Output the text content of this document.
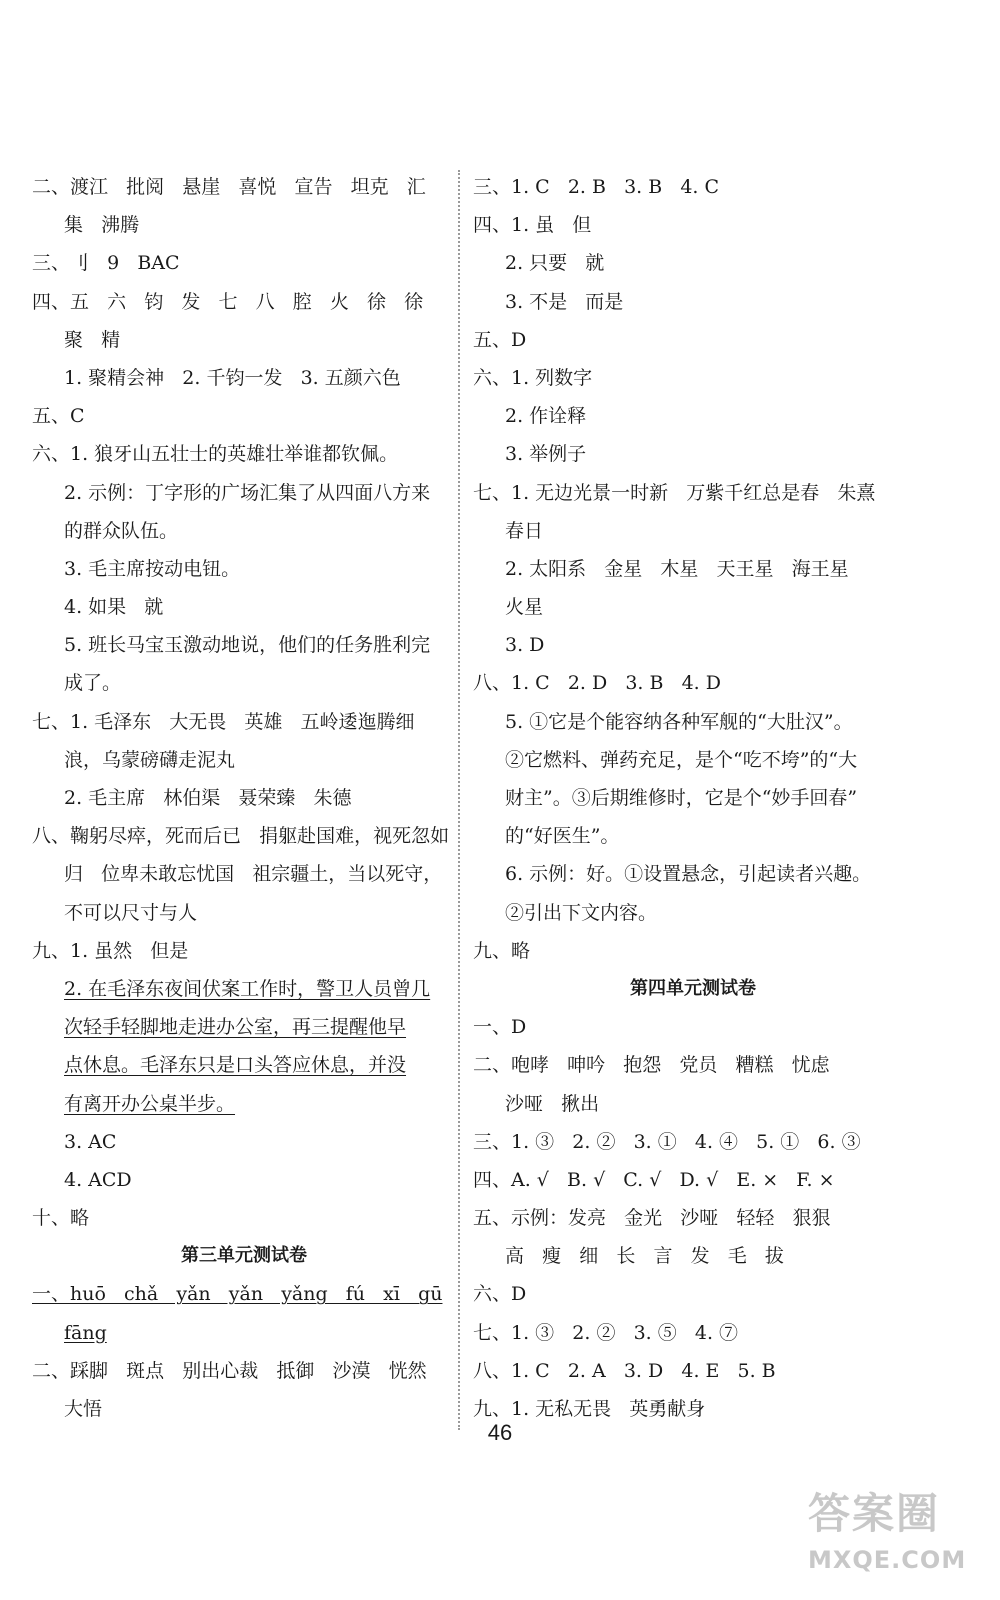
二、渡江   批阅   悬崖   喜悦   宣告   坦克   汇
集   沸腾
三、刂   9   BAC
四、五   六   钧   发   七   八   腔   火   徐   徐
聚   精
1. 聚精会神   2. 千钧一发   3. 五颜六色
五、C
六、1. 狼牙山五壮士的英雄壮举谁都钦佩。
2. 示例：丁字形的广场汇集了从四面八方来
的群众队伍。
3. 毛主席按动电钮。
4. 如果   就
5. 班长马宝玉激动地说，他们的任务胜利完
成了。
七、1. 毛泽东   大无畏   英雄   五岭逶迤腾细
浪，乌蒙磅礴走泥丸
2. 毛主席   林伯渠   聂荣臻   朱德
八、鞠躬尽瘁，死而后已   捐躯赴国难，视死忽如
归   位卑未敢忘忧国   祖宗疆土，当以死守，
不可以尺寸与人
九、1. 虽然   但是
2. 在毛泽东夜间伏案工作时，警卫人员曾几
次轻手轻脚地走进办公室，再三提醒他早
点休息。毛泽东只是口头答应休息，并没
有离开办公桌半步。
3. AC
4. ACD
十、略
第三单元测试卷
一、huō   chǎ   yǎn   yǎn   yǎng   fú   xī   gū
fāng
二、踩脚   斑点   别出心裁   抵御   沙漠   恍然
大悟
三、1. C   2. B   3. B   4. C
四、1. 虽   但
2. 只要   就
3. 不是   而是
五、D
六、1. 列数字
2. 作诠释
3. 举例子
七、1. 无边光景一时新   万紫千红总是春   朱熹
春日
2. 太阳系   金星   木星   天王星   海王星
火星
3. D
八、1. C   2. D   3. B   4. D
5. ①它是个能容纳各种军舰的“大肚汉”。
②它燃料、弹药充足，是个“吃不垮”的“大
财主”。③后期维修时，它是个“妙手回春”
的“好医生”。
6. 示例：好。①设置悬念，引起读者兴趣。
②引出下文内容。
九、略
第四单元测试卷
一、D
二、咆哮   呻吟   抱怨   党员   糟糕   忧虑
沙哑   揪出
三、1. ③   2. ②   3. ①   4. ④   5. ①   6. ③
四、A. √   B. √   C. √   D. √   E. ×   F. ×
五、示例：发亮   金光   沙哑   轻轻   狠狠
高   瘦   细   长   言   发   毛   拔
六、D
七、1. ③   2. ②   3. ⑤   4. ⑦
八、1. C   2. A   3. D   4. E   5. B
九、1. 无私无畏   英勇献身
46
答案圈
MXQE.COM
